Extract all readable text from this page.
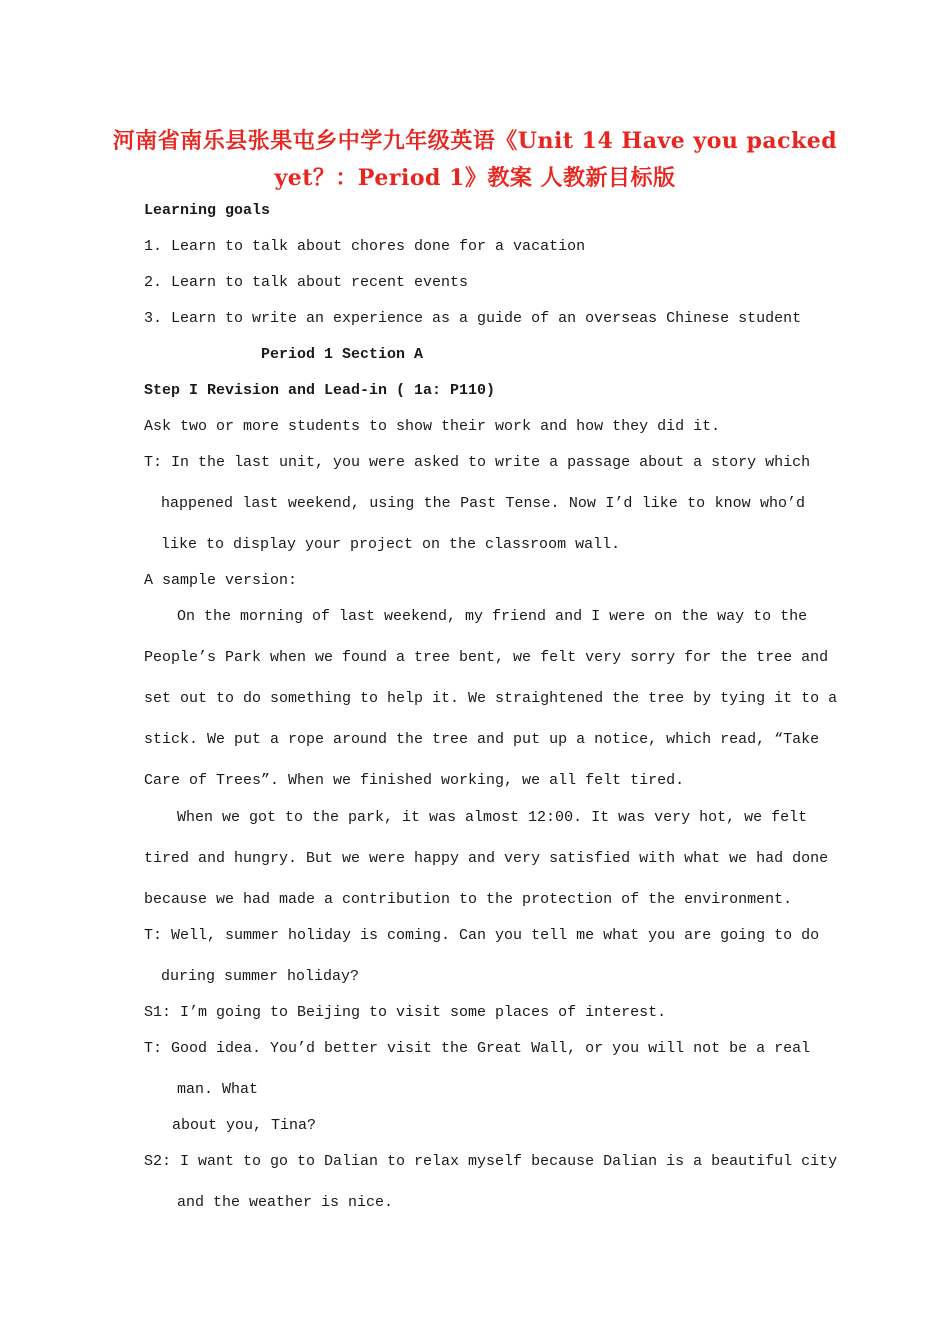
河南省南乐县张果屯乡中学九年级英语《Unit 14 Have you packed
yet？：Period 1》教案 人教新目标版
Learning goals
1. Learn to talk about chores done for a vacation
2. Learn to talk about recent events
3. Learn to write an experience as a guide of an overseas Chinese student
Period 1 Section A
Step I Revision and Lead-in ( 1a: P110)
Ask two or more students to show their work and how they did it.
T: In the last unit, you were asked to write a passage about a story which
happened last weekend, using the Past Tense. Now I’d like to know who’d
like to display your project on the classroom wall.
A sample version:
On the morning of last weekend, my friend and I were on the way to the
People’s Park when we found a tree bent, we felt very sorry for the tree and
set out to do something to help it. We straightened the tree by tying it to a
stick. We put a rope around the tree and put up a notice, which read, “Take
Care of Trees”. When we finished working, we all felt tired.
When we got to the park, it was almost 12:00. It was very hot, we felt
tired and hungry. But we were happy and very satisfied with what we had done
because we had made a contribution to the protection of the environment.
T: Well, summer holiday is coming. Can you tell me what you are going to do
during summer holiday?
S1: I’m going to Beijing to visit some places of interest.
T: Good idea. You’d better visit the Great Wall, or you will not be a real
man. What
about you, Tina?
S2: I want to go to Dalian to relax myself because Dalian is a beautiful city
and the weather is nice.
